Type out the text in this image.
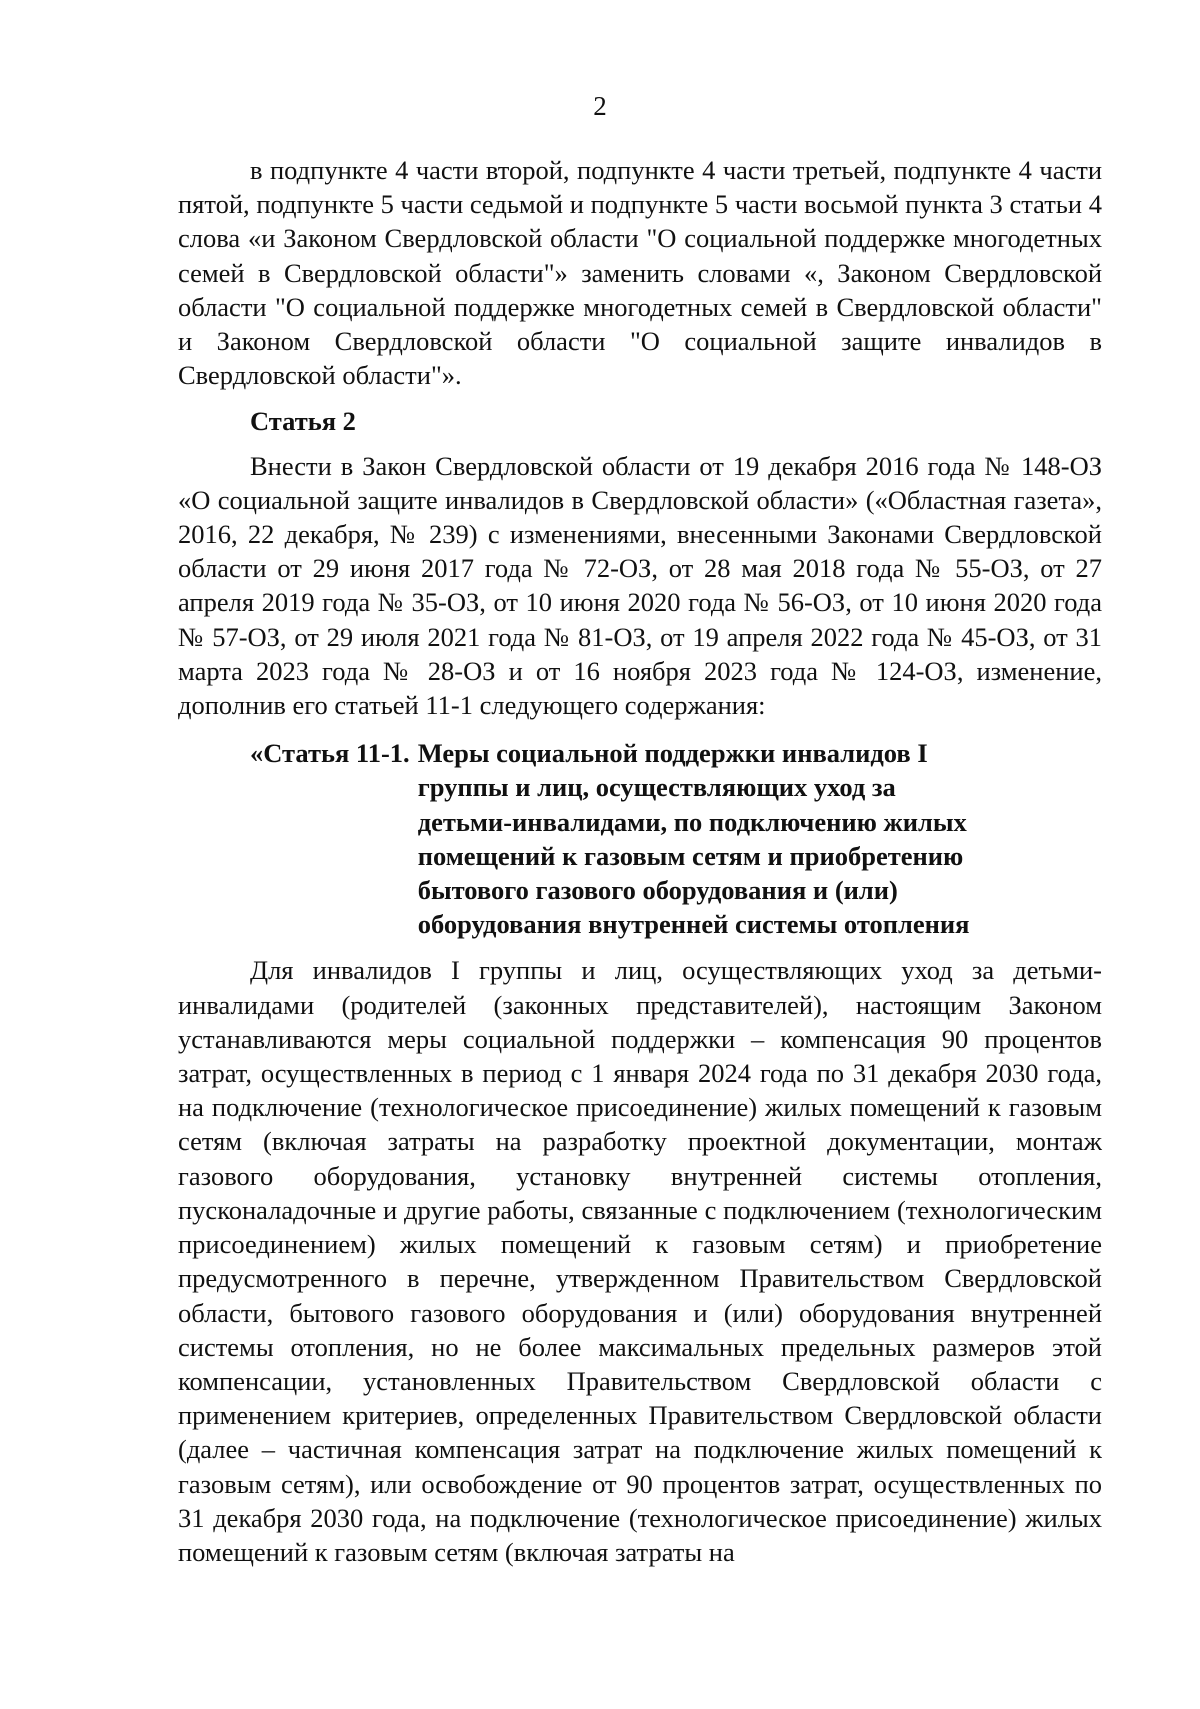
2

в подпункте 4 части второй, подпункте 4 части третьей, подпункте 4 части пятой, подпункте 5 части седьмой и подпункте 5 части восьмой пункта 3 статьи 4 слова «и Законом Свердловской области "О социальной поддержке многодетных семей в Свердловской области"» заменить словами «, Законом Свердловской области "О социальной поддержке многодетных семей в Свердловской области" и Законом Свердловской области "О социальной защите инвалидов в Свердловской области"».

Статья 2

Внести в Закон Свердловской области от 19 декабря 2016 года № 148-ОЗ «О социальной защите инвалидов в Свердловской области» («Областная газета», 2016, 22 декабря, № 239) с изменениями, внесенными Законами Свердловской области от 29 июня 2017 года № 72-ОЗ, от 28 мая 2018 года № 55-ОЗ, от 27 апреля 2019 года № 35-ОЗ, от 10 июня 2020 года № 56-ОЗ, от 10 июня 2020 года № 57-ОЗ, от 29 июля 2021 года № 81-ОЗ, от 19 апреля 2022 года № 45-ОЗ, от 31 марта 2023 года № 28-ОЗ и от 16 ноября 2023 года № 124-ОЗ, изменение, дополнив его статьей 11-1 следующего содержания:

«Статья 11-1. Меры социальной поддержки инвалидов I группы и лиц, осуществляющих уход за детьми-инвалидами, по подключению жилых помещений к газовым сетям и приобретению бытового газового оборудования и (или) оборудования внутренней системы отопления

Для инвалидов I группы и лиц, осуществляющих уход за детьми-инвалидами (родителей (законных представителей), настоящим Законом устанавливаются меры социальной поддержки – компенсация 90 процентов затрат, осуществленных в период с 1 января 2024 года по 31 декабря 2030 года, на подключение (технологическое присоединение) жилых помещений к газовым сетям (включая затраты на разработку проектной документации, монтаж газового оборудования, установку внутренней системы отопления, пусконаладочные и другие работы, связанные с подключением (технологическим присоединением) жилых помещений к газовым сетям) и приобретение предусмотренного в перечне, утвержденном Правительством Свердловской области, бытового газового оборудования и (или) оборудования внутренней системы отопления, но не более максимальных предельных размеров этой компенсации, установленных Правительством Свердловской области с применением критериев, определенных Правительством Свердловской области (далее – частичная компенсация затрат на подключение жилых помещений к газовым сетям), или освобождение от 90 процентов затрат, осуществленных по 31 декабря 2030 года, на подключение (технологическое присоединение) жилых помещений к газовым сетям (включая затраты на
